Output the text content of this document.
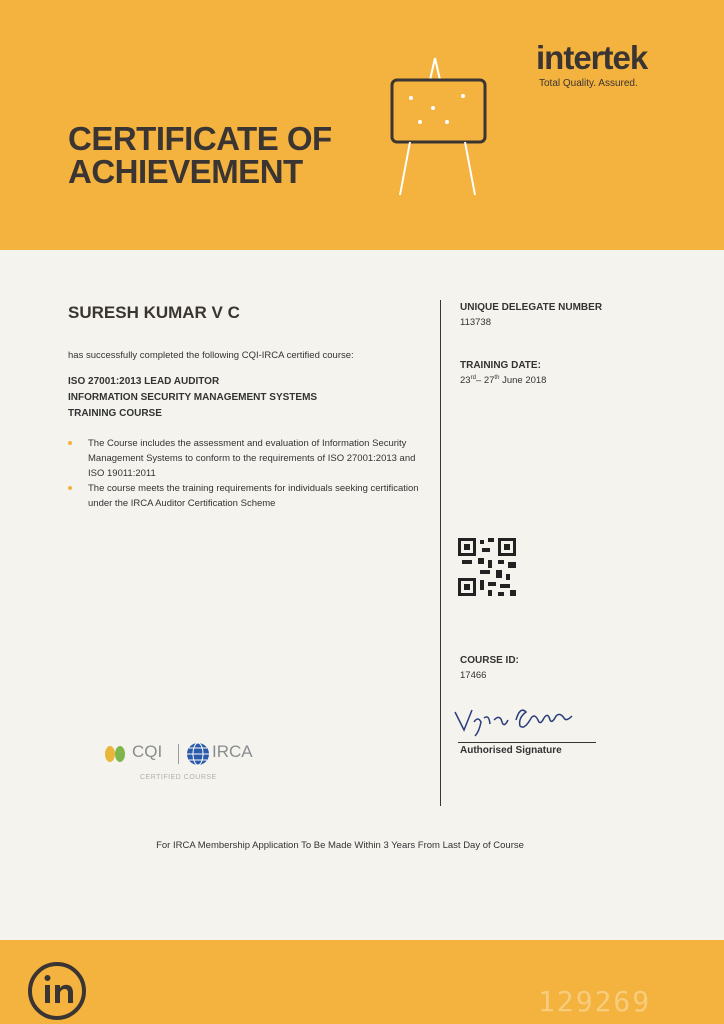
CERTIFICATE OF
ACHIEVEMENT
intertek
Total Quality. Assured.
SURESH KUMAR V C
has successfully completed the following CQI-IRCA certified course:
ISO 27001:2013 LEAD AUDITOR
INFORMATION SECURITY MANAGEMENT SYSTEMS
TRAINING COURSE
The Course includes the assessment and evaluation of Information Security Management Systems to conform to the requirements of ISO 27001:2013 and ISO 19011:2011
The course meets the training requirements for individuals seeking certification under the IRCA Auditor Certification Scheme
UNIQUE DELEGATE NUMBER
113738
TRAINING DATE:
23rd– 27th June 2018
COURSE ID:
17466
Authorised Signature
CQI	IRCA
CERTIFIED COURSE
For IRCA Membership Application To Be Made Within 3 Years From Last Day of Course
129269
